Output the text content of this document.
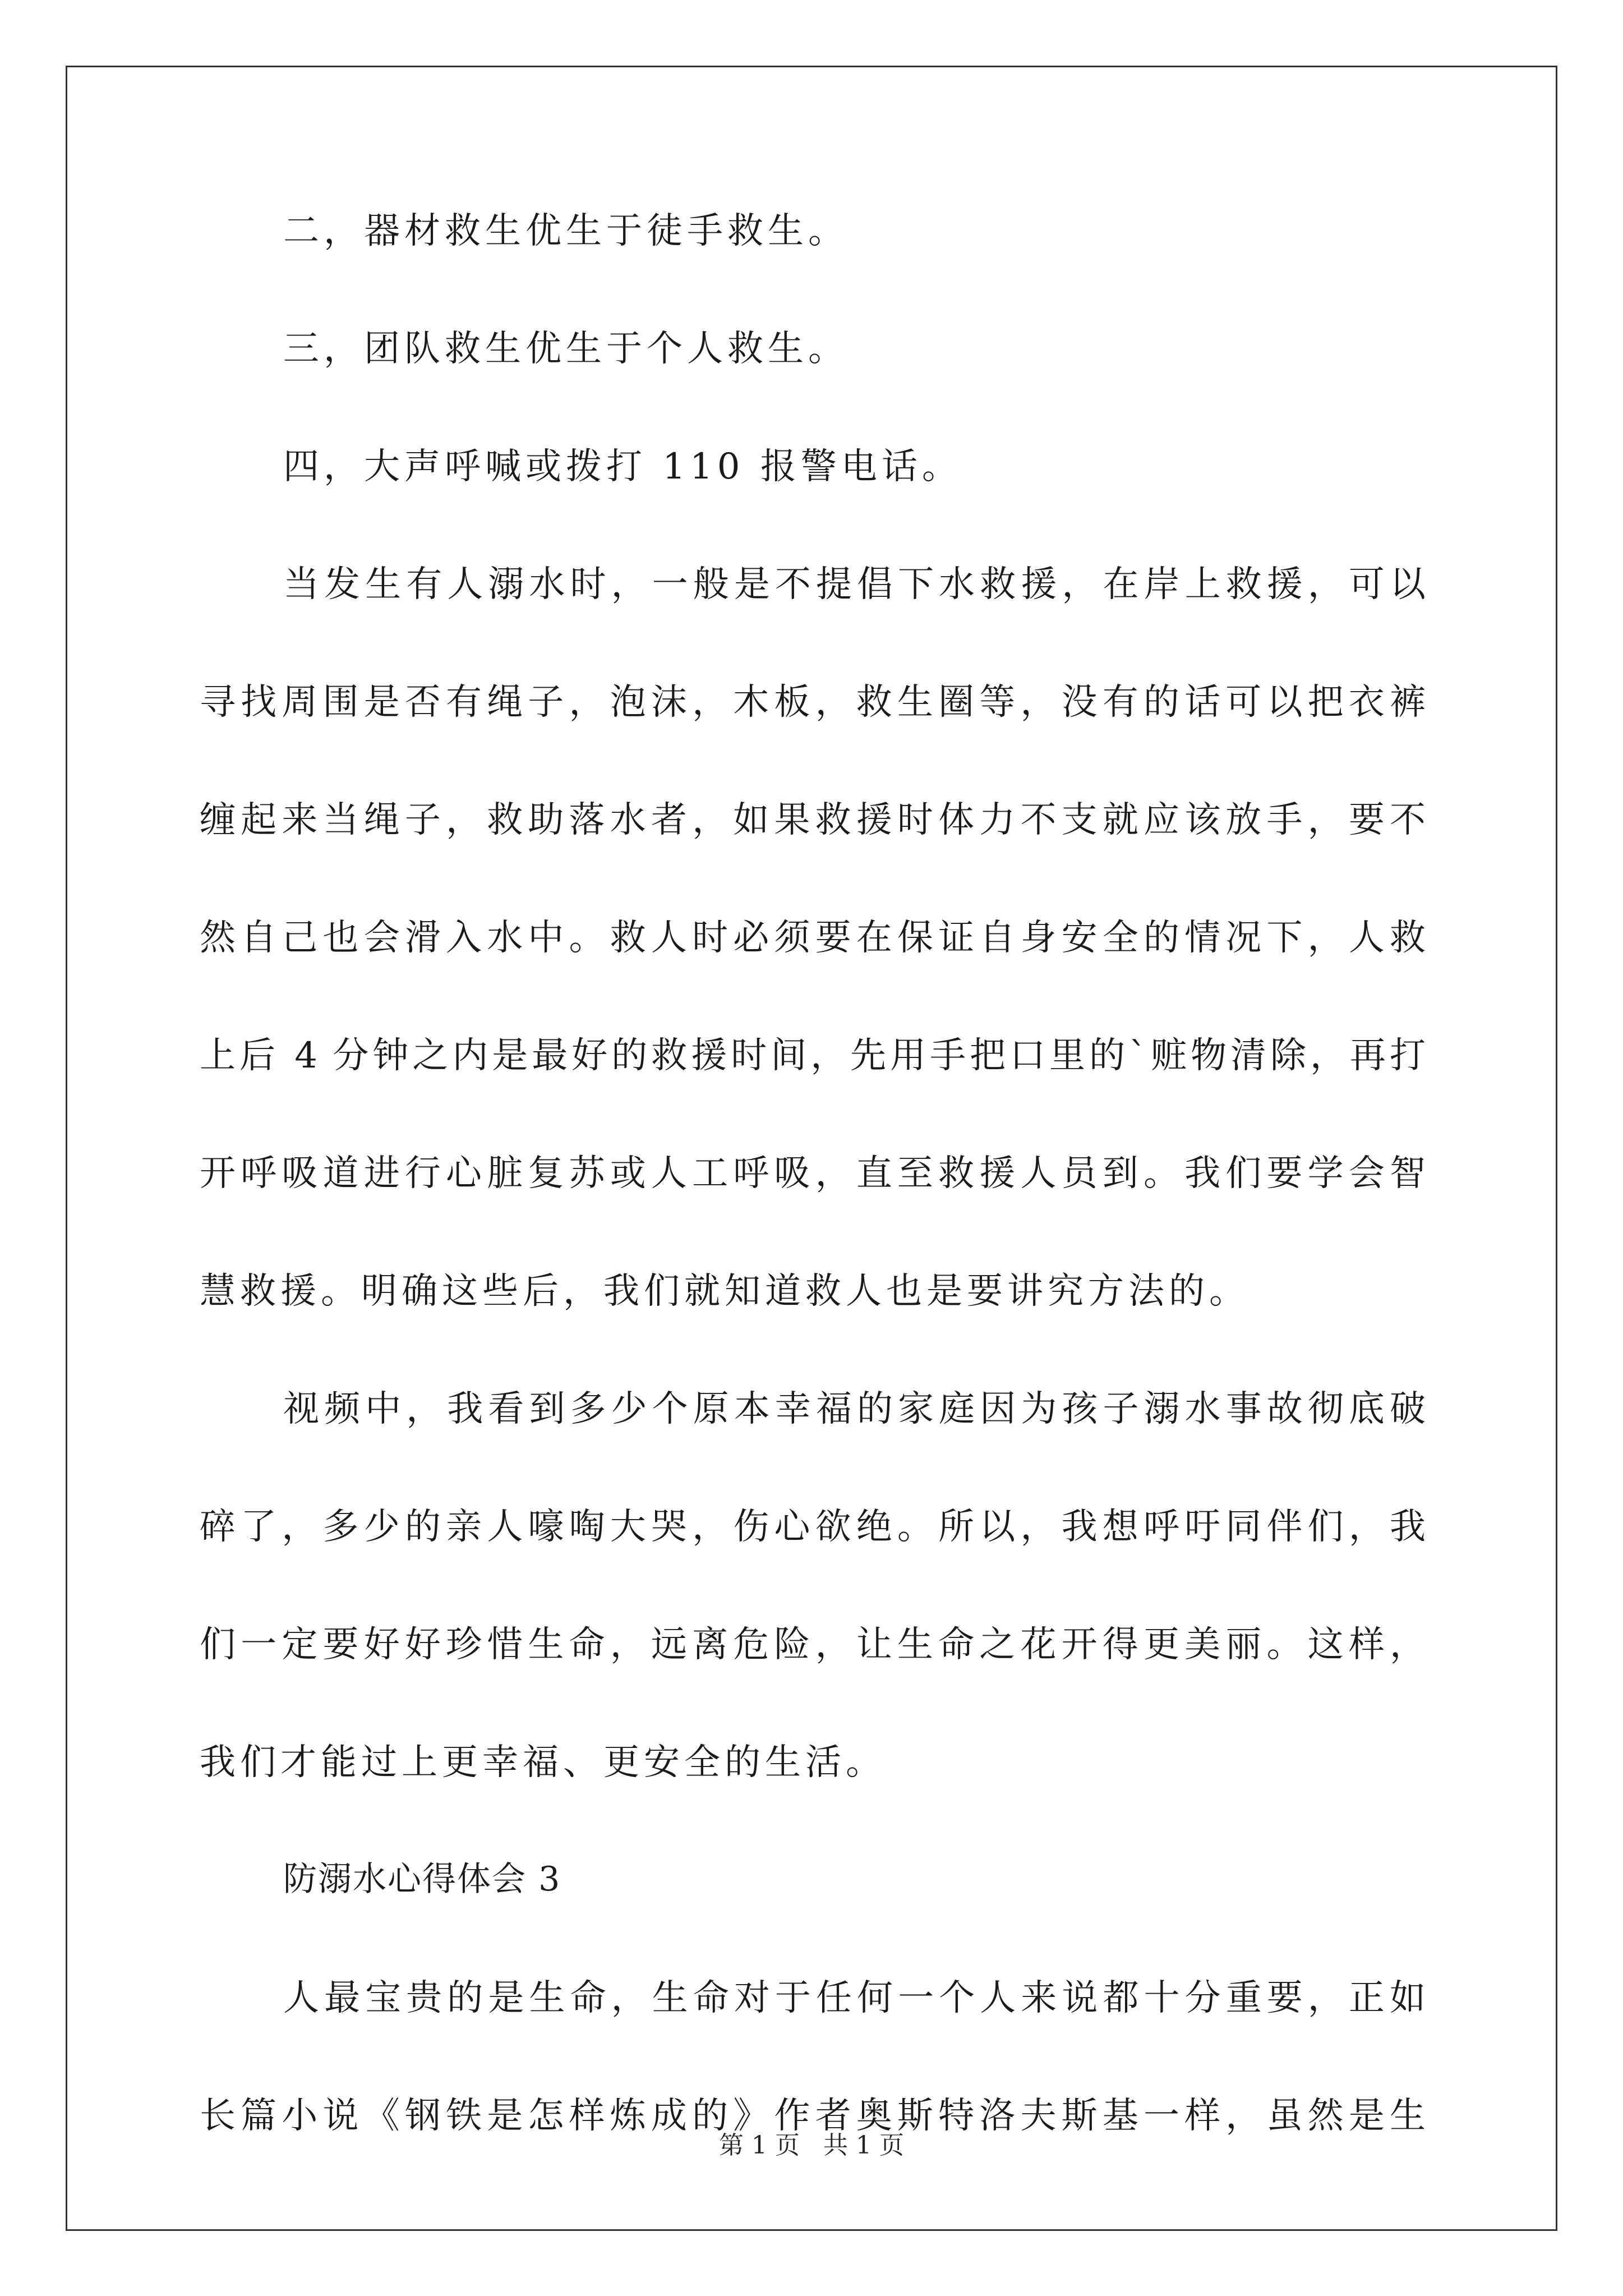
二，器材救生优生于徒手救生。
三，团队救生优生于个人救生。
四，大声呼喊或拨打 110 报警电话。
当发生有人溺水时，一般是不提倡下水救援，在岸上救援，可以
寻找周围是否有绳子，泡沫，木板，救生圈等，没有的话可以把衣裤
缠起来当绳子，救助落水者，如果救援时体力不支就应该放手，要不
然自己也会滑入水中。救人时必须要在保证自身安全的情况下，人救
上后 4 分钟之内是最好的救援时间，先用手把口里的`赃物清除，再打
开呼吸道进行心脏复苏或人工呼吸，直至救援人员到。我们要学会智
慧救援。明确这些后，我们就知道救人也是要讲究方法的。
视频中，我看到多少个原本幸福的家庭因为孩子溺水事故彻底破
碎了，多少的亲人嚎啕大哭，伤心欲绝。所以，我想呼吁同伴们，我
们一定要好好珍惜生命，远离危险，让生命之花开得更美丽。这样，
我们才能过上更幸福、更安全的生活。
防溺水心得体会 3
人最宝贵的是生命，生命对于任何一个人来说都十分重要，正如
长篇小说《钢铁是怎样炼成的》作者奥斯特洛夫斯基一样，虽然是生
第 1 页   共 1 页
